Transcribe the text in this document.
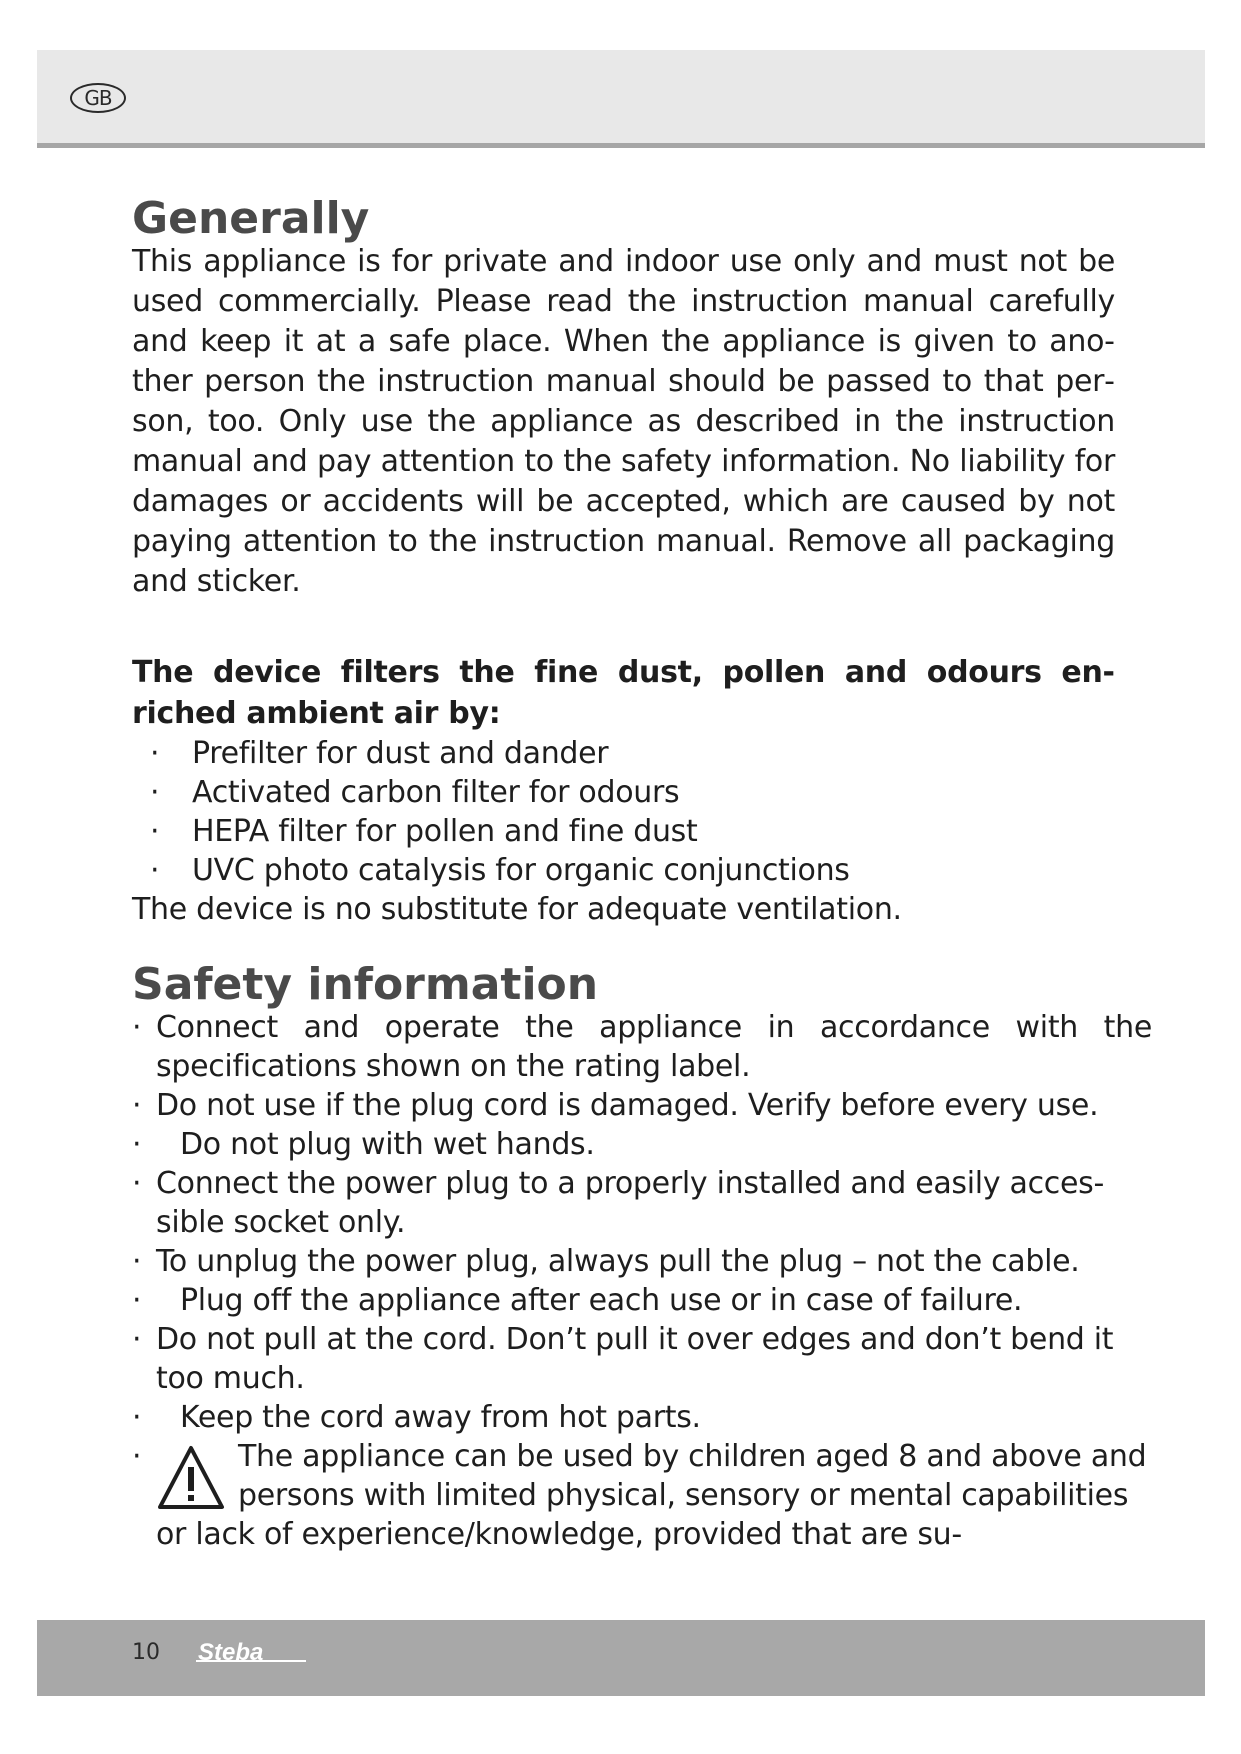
GB
Generally

This appliance is for private and indoor use only and must not be used commercially. Please read the instruction manual carefully and keep it at a safe place. When the appliance is given to another person the instruction manual should be passed to that person, too. Only use the appliance as described in the instruction manual and pay attention to the safety information. No liability for damages or accidents will be accepted, which are caused by not paying attention to the instruction manual. Remove all packaging and sticker.

The device filters the fine dust, pollen and odours enriched ambient air by:

· Prefilter for dust and dander
· Activated carbon filter for odours
· HEPA filter for pollen and fine dust
· UVC photo catalysis for organic conjunctions

The device is no substitute for adequate ventilation.

Safety information
· Connect and operate the appliance in accordance with the specifications shown on the rating label.
· Do not use if the plug cord is damaged. Verify before every use.
· Do not plug with wet hands.
· Connect the power plug to a properly installed and easily accessible socket only.
· To unplug the power plug, always pull the plug – not the cable.
· Plug off the appliance after each use or in case of failure.
· Do not pull at the cord. Don’t pull it over edges and don’t bend it too much.
· Keep the cord away from hot parts.
·	The appliance can be used by children aged 8 and above and persons with limited physical, sensory or mental capabilities or lack of experience/knowledge, provided that are su-
10 Steba
